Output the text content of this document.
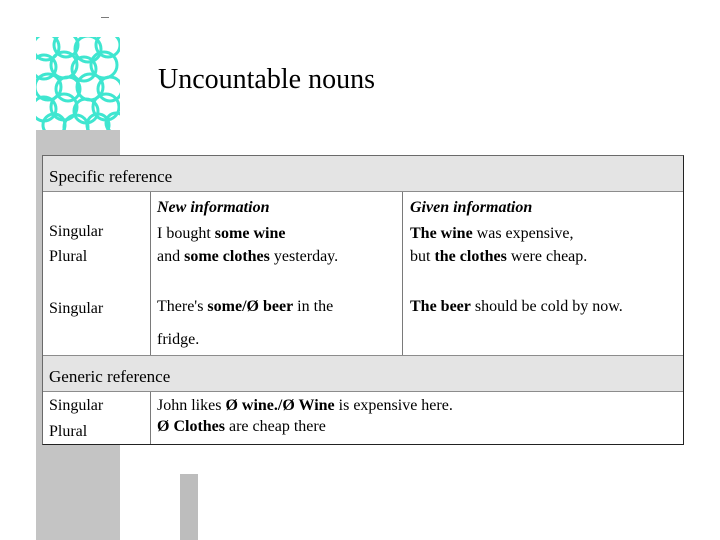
Uncountable nouns
Specific reference
Singular
Plural
New information
I bought some wine
and some clothes yesterday.
Given information
The wine was expensive,
but the clothes were cheap.
Singular	There's some/Ø beer in the
fridge.
The beer should be cold by now.
Generic reference
Singular
Plural
John likes Ø wine./Ø Wine is expensive here.
Ø Clothes are cheap there
